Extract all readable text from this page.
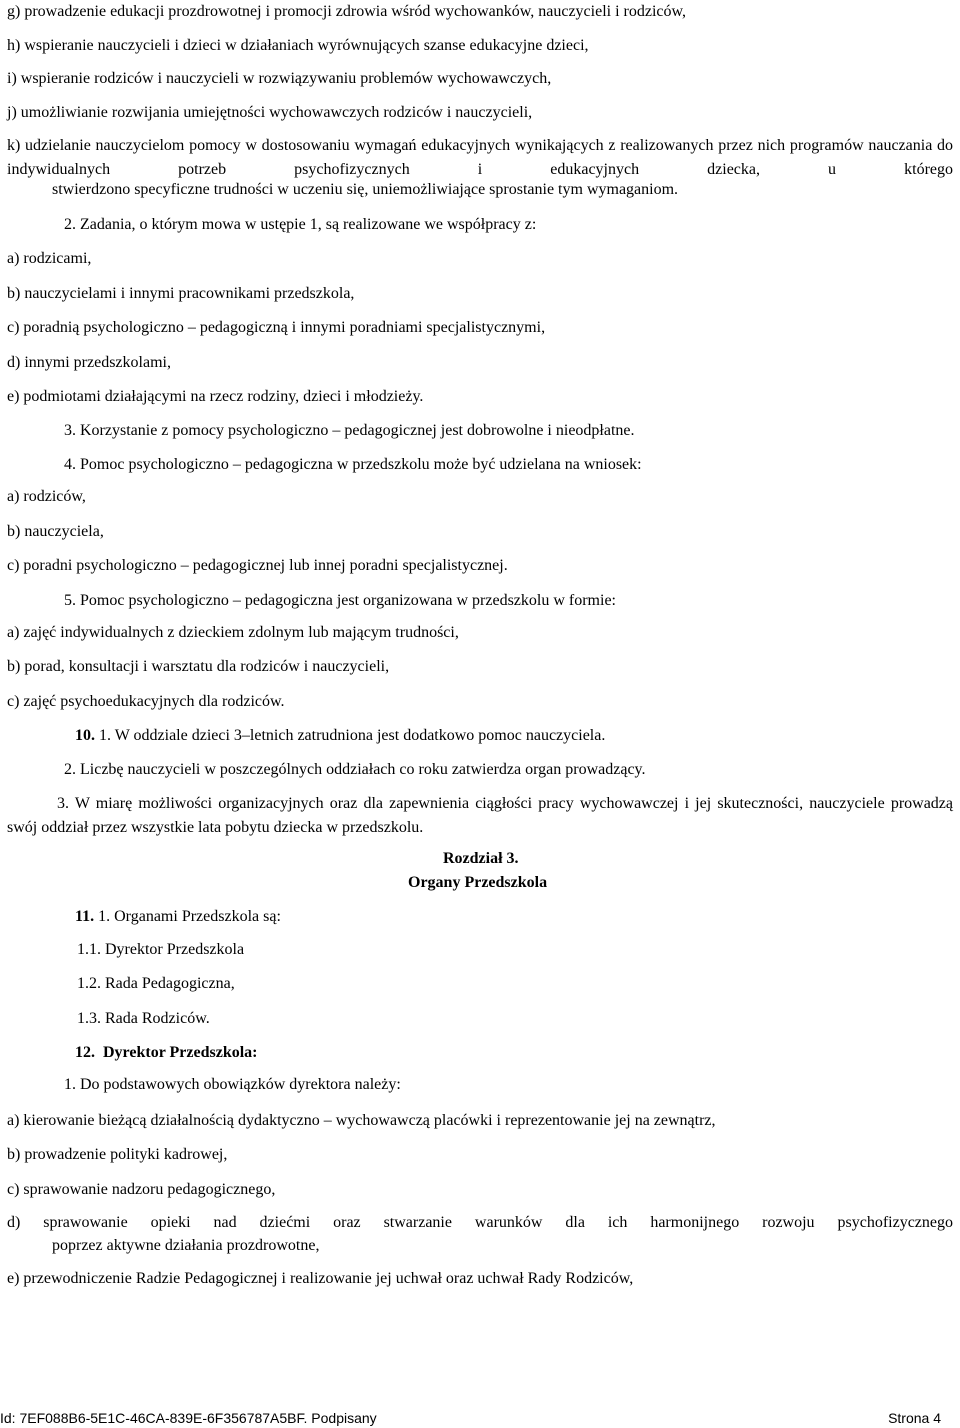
g) prowadzenie edukacji prozdrowotnej i promocji zdrowia wśród wychowanków, nauczycieli i rodziców,
h) wspieranie nauczycieli i dzieci w działaniach wyrównujących szanse edukacyjne dzieci,
i) wspieranie rodziców i nauczycieli w rozwiązywaniu problemów wychowawczych,
j) umożliwianie rozwijania umiejętności wychowawczych rodziców i nauczycieli,
k) udzielanie nauczycielom pomocy w dostosowaniu wymagań edukacyjnych wynikających z realizowanych przez nich programów nauczania do indywidualnych potrzeb psychofizycznych i edukacyjnych dziecka, u którego
stwierdzono specyficzne trudności w uczeniu się, uniemożliwiające sprostanie tym wymaganiom.
2. Zadania, o którym mowa w ustępie 1, są realizowane we współpracy z:
a) rodzicami,
b) nauczycielami i innymi pracownikami przedszkola,
c) poradnią psychologiczno – pedagogiczną i innymi poradniami specjalistycznymi,
d) innymi przedszkolami,
e) podmiotami działającymi na rzecz rodziny, dzieci i młodzieży.
3. Korzystanie z pomocy psychologiczno – pedagogicznej jest dobrowolne i nieodpłatne.
4. Pomoc psychologiczno – pedagogiczna w przedszkolu może być udzielana na wniosek:
a) rodziców,
b) nauczyciela,
c) poradni psychologiczno – pedagogicznej lub innej poradni specjalistycznej.
5. Pomoc psychologiczno – pedagogiczna jest organizowana w przedszkolu w formie:
a) zajęć indywidualnych z dzieckiem zdolnym lub mającym trudności,
b) porad, konsultacji i warsztatu dla rodziców i nauczycieli,
c) zajęć psychoedukacyjnych dla rodziców.
10. 1. W oddziale dzieci 3–letnich zatrudniona jest dodatkowo pomoc nauczyciela.
2. Liczbę nauczycieli w poszczególnych oddziałach co roku zatwierdza organ prowadzący.
3. W miarę możliwości organizacyjnych oraz dla zapewnienia ciągłości pracy wychowawczej i jej skuteczności, nauczyciele prowadzą swój oddział przez wszystkie lata pobytu dziecka w przedszkolu.
Rozdział 3.
Organy Przedszkola
11. 1. Organami Przedszkola są:
1.1. Dyrektor Przedszkola
1.2. Rada Pedagogiczna,
1.3. Rada Rodziców.
12.  Dyrektor Przedszkola:
1. Do podstawowych obowiązków dyrektora należy:
a) kierowanie bieżącą działalnością dydaktyczno – wychowawczą placówki i reprezentowanie jej na zewnątrz,
b) prowadzenie polityki kadrowej,
c) sprawowanie nadzoru pedagogicznego,
d) sprawowanie opieki nad dziećmi oraz stwarzanie warunków dla ich harmonijnego rozwoju psychofizycznego
poprzez aktywne działania prozdrowotne,
e) przewodniczenie Radzie Pedagogicznej i realizowanie jej uchwał oraz uchwał Rady Rodziców,
Id: 7EF088B6-5E1C-46CA-839E-6F356787A5BF. Podpisany	Strona 4
